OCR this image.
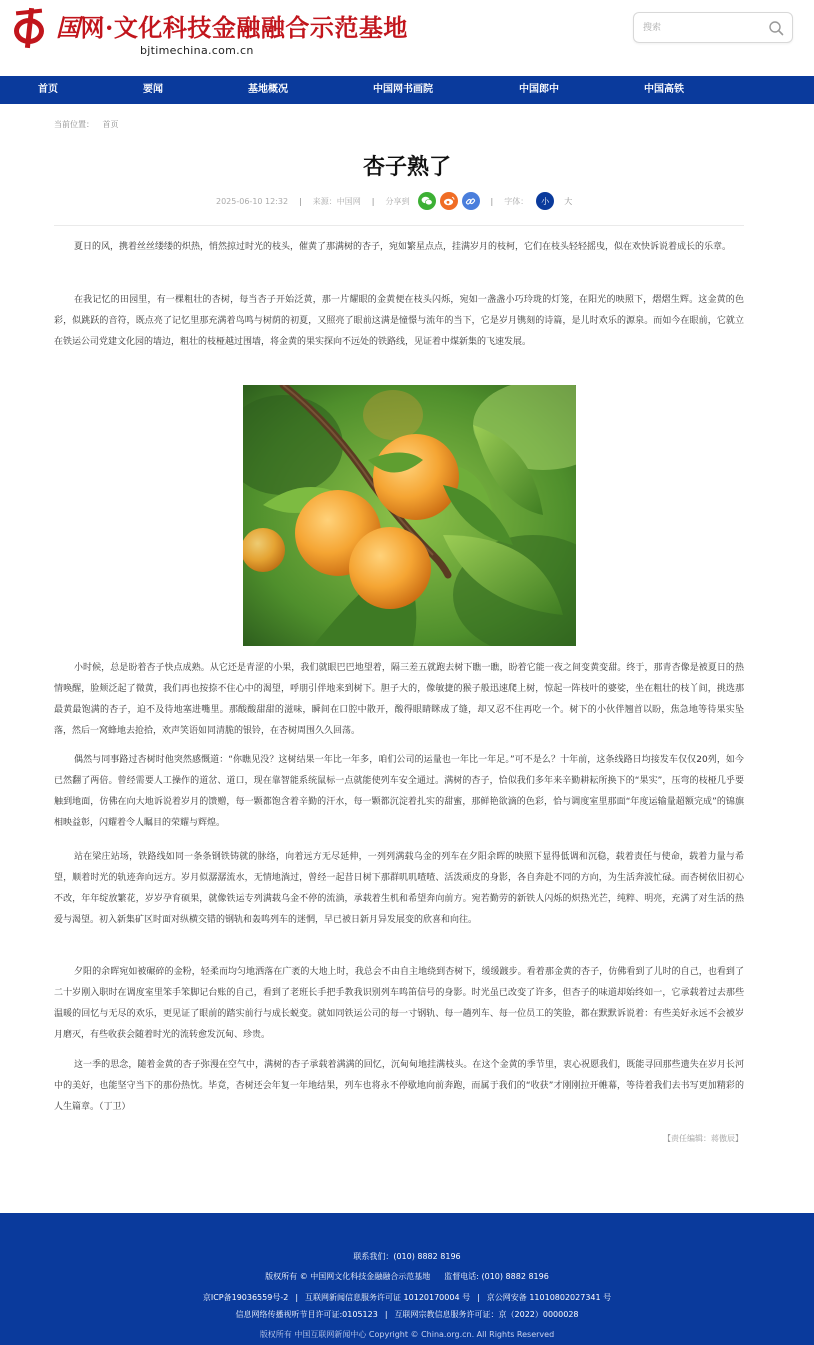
国网·文化科技金融融合示范基地
bjtimechina.com.cn
搜索
首页	要闻	基地概况	中国网书画院	中国郎中	中国高铁
当前位置： 首页
杏子熟了
2025-06-10 12:32 | 来源： 中国网 | 分享到	| 字体：	小	大

夏日的风，携着丝丝缕缕的炽热，悄然掠过时光的枝头，催黄了那满树的杏子，宛如繁星点点，挂满岁月的枝柯，它们在枝头轻轻摇曳，似在欢快诉说着成长的乐章。

在我记忆的田园里，有一棵粗壮的杏树，每当杏子开始泛黄，那一片耀眼的金黄便在枝头闪烁，宛如一盏盏小巧玲珑的灯笼，在阳光的映照下，熠熠生辉。这金黄的色彩，似跳跃的音符，既点亮了记忆里那充满着鸟鸣与树荫的初夏，又照亮了眼前这满是憧憬与流年的当下，它是岁月镌刻的诗篇，是儿时欢乐的源泉。而如今在眼前，它就立在铁运公司党建文化园的墙边，粗壮的枝桠越过围墙，将金黄的果实探向不远处的铁路线，见证着中煤新集的飞速发展。

小时候，总是盼着杏子快点成熟。从它还是青涩的小果，我们就眼巴巴地望着，隔三差五就跑去树下瞧一瞧，盼着它能一夜之间变黄变甜。终于，那青杏像是被夏日的热情唤醒，脸颊泛起了微黄，我们再也按捺不住心中的渴望，呼朋引伴地来到树下。胆子大的，像敏捷的猴子般迅速爬上树，惊起一阵枝叶的婆娑，坐在粗壮的枝丫间，挑选那最黄最饱满的杏子，迫不及待地塞进嘴里。那酸酸甜甜的滋味，瞬间在口腔中散开，酸得眼睛眯成了缝，却又忍不住再吃一个。树下的小伙伴翘首以盼，焦急地等待果实坠落，然后一窝蜂地去抢拾，欢声笑语如同清脆的银铃，在杏树周围久久回荡。

偶然与同事路过杏树时他突然感慨道：“你瞧见没？这树结果一年比一年多，咱们公司的运量也一年比一年足。”可不是么？十年前，这条线路日均接发车仅仅20列，如今已然翻了两倍。曾经需要人工操作的道岔、道口，现在靠智能系统鼠标一点就能使列车安全通过。满树的杏子，恰似我们多年来辛勤耕耘所换下的“果实”，压弯的枝桠几乎要触到地面，仿佛在向大地诉说着岁月的馈赠，每一颗都饱含着辛勤的汗水，每一颗都沉淀着扎实的甜蜜，那鲜艳欲滴的色彩，恰与调度室里那面“年度运输量超额完成”的锦旗相映益彰，闪耀着令人瞩目的荣耀与辉煌。

站在梁庄站场，铁路线如同一条条钢铁铸就的脉络，向着远方无尽延伸，一列列满载乌金的列车在夕阳余晖的映照下显得低调和沉稳，载着责任与使命，载着力量与希望，顺着时光的轨迹奔向远方。岁月似潺潺流水，无情地淌过，曾经一起昔日树下那群叽叽喳喳、活泼顽皮的身影，各自奔赴不同的方向，为生活奔波忙碌。而杏树依旧初心不改，年年绽放繁花，岁岁孕育硕果，就像铁运专列满载乌金不停的流淌，承载着生机和希望奔向前方。宛若勤劳的新铁人闪烁的炽热光芒，纯粹、明亮，充满了对生活的热爱与渴望。初入新集矿区时面对纵横交错的钢轨和轰鸣列车的迷惘，早已被日新月异发展变的欣喜和向往。

夕阳的余晖宛如被碾碎的金粉，轻柔而均匀地洒落在广袤的大地上时，我总会不由自主地绕到杏树下，缓缓踱步。看着那金黄的杏子，仿佛看到了儿时的自己，也看到了二十岁刚入职时在调度室里笨手笨脚记台账的自己，看到了老班长手把手教我识别列车鸣笛信号的身影。时光虽已改变了许多，但杏子的味道却始终如一，它承载着过去那些温暖的回忆与无尽的欢乐，更见证了眼前的踏实前行与成长蜕变。就如同铁运公司的每一寸钢轨、每一趟列车、每一位员工的笑脸，都在默默诉说着：有些美好永远不会被岁月磨灭，有些收获会随着时光的流转愈发沉甸、珍贵。

这一季的思念，随着金黄的杏子弥漫在空气中，满树的杏子承载着满满的回忆，沉甸甸地挂满枝头。在这个金黄的季节里，衷心祝愿我们，既能寻回那些遗失在岁月长河中的美好，也能坚守当下的那份热忱。毕竟，杏树还会年复一年地结果，列车也将永不停歇地向前奔跑，而属于我们的“收获”才刚刚拉开帷幕，等待着我们去书写更加精彩的人生篇章。（丁卫）

【责任编辑：蒋傲辰】
联系我们：(010) 8882 8196
版权所有 © 中国网文化科技金融融合示范基地 监督电话: (010) 8882 8196
京ICP备19036559号-2 | 互联网新闻信息服务许可证 10120170004 号 | 京公网安备 11010802027341 号
信息网络传播视听节目许可证:0105123 | 互联网宗教信息服务许可证：京（2022）0000028
版权所有 中国互联网新闻中心 Copyright © China.org.cn. All Rights Reserved
